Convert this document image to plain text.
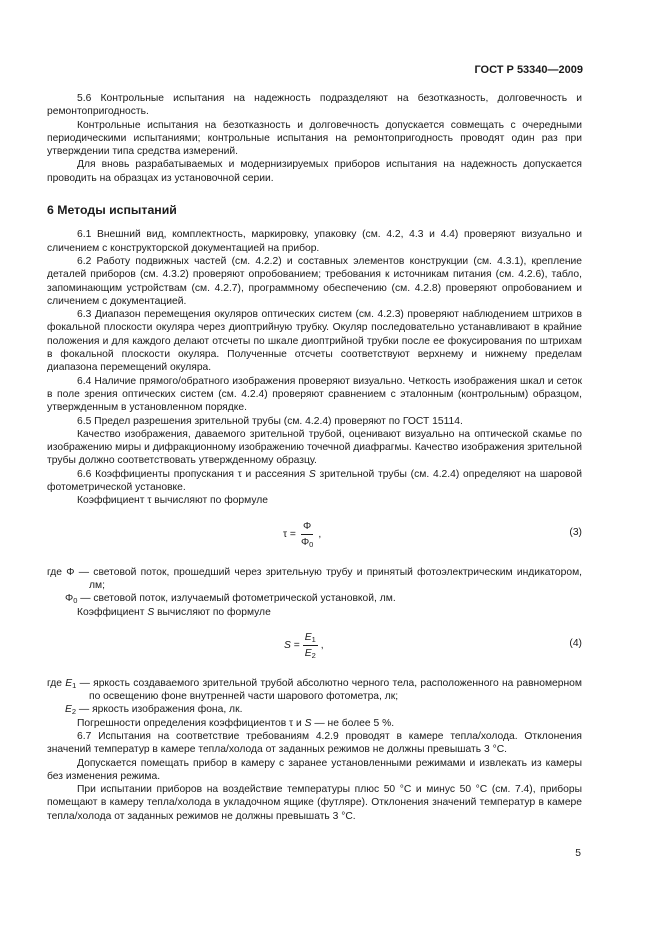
ГОСТ Р 53340—2009

5.6 Контрольные испытания на надежность подразделяют на безотказность, долговечность и ремонтопригодность.

Контрольные испытания на безотказность и долговечность допускается совмещать с очередными периодическими испытаниями; контрольные испытания на ремонтопригодность проводят один раз при утверждении типа средства измерений.

Для вновь разрабатываемых и модернизируемых приборов испытания на надежность допускается проводить на образцах из установочной серии.

6 Методы испытаний

6.1 Внешний вид, комплектность, маркировку, упаковку (см. 4.2, 4.3 и 4.4) проверяют визуально и сличением с конструкторской документацией на прибор.

6.2 Работу подвижных частей (см. 4.2.2) и составных элементов конструкции (см. 4.3.1), крепление деталей приборов (см. 4.3.2) проверяют опробованием; требования к источникам питания (см. 4.2.6), табло, запоминающим устройствам (см. 4.2.7), программному обеспечению (см. 4.2.8) проверяют опробованием и сличением с документацией.

6.3 Диапазон перемещения окуляров оптических систем (см. 4.2.3) проверяют наблюдением штрихов в фокальной плоскости окуляра через диоптрийную трубку. Окуляр последовательно устанавливают в крайние положения и для каждого делают отсчеты по шкале диоптрийной трубки после ее фокусирования по штрихам в фокальной плоскости окуляра. Полученные отсчеты соответствуют верхнему и нижнему пределам диапазона перемещений окуляра.

6.4 Наличие прямого/обратного изображения проверяют визуально. Четкость изображения шкал и сеток в поле зрения оптических систем (см. 4.2.4) проверяют сравнением с эталонным (контрольным) образцом, утвержденным в установленном порядке.

6.5 Предел разрешения зрительной трубы (см. 4.2.4) проверяют по ГОСТ 15114.

Качество изображения, даваемого зрительной трубой, оценивают визуально на оптической скамье по изображению миры и дифракционному изображению точечной диафрагмы. Качество изображения зрительной трубы должно соответствовать утвержденному образцу.

6.6 Коэффициенты пропускания τ и рассеяния S зрительной трубы (см. 4.2.4) определяют на шаровой фотометрической установке.

Коэффициент τ вычисляют по формуле

$\tau = \frac{\Phi}{\Phi_0}$ ,	(3)

где Φ — световой поток, прошедший через зрительную трубу и принятый фотоэлектрическим индикатором, лм;

$\Phi_0$ — световой поток, излучаемый фотометрической установкой, лм.

Коэффициент S вычисляют по формуле

$S = \frac{E_1}{E_2}$ ,	(4)

где $E_1$ — яркость создаваемого зрительной трубой абсолютно черного тела, расположенного на равномерном по освещению фоне внутренней части шарового фотометра, лк;

$E_2$ — яркость изображения фона, лк.

Погрешности определения коэффициентов τ и S — не более 5 %.

6.7 Испытания на соответствие требованиям 4.2.9 проводят в камере тепла/холода. Отклонения значений температур в камере тепла/холода от заданных режимов не должны превышать 3 °С.

Допускается помещать прибор в камеру с заранее установленными режимами и извлекать из камеры без изменения режима.

При испытании приборов на воздействие температуры плюс 50 °С и минус 50 °С (см. 7.4), приборы помещают в камеру тепла/холода в укладочном ящике (футляре). Отклонения значений температур в камере тепла/холода от заданных режимов не должны превышать 3 °С.

5
